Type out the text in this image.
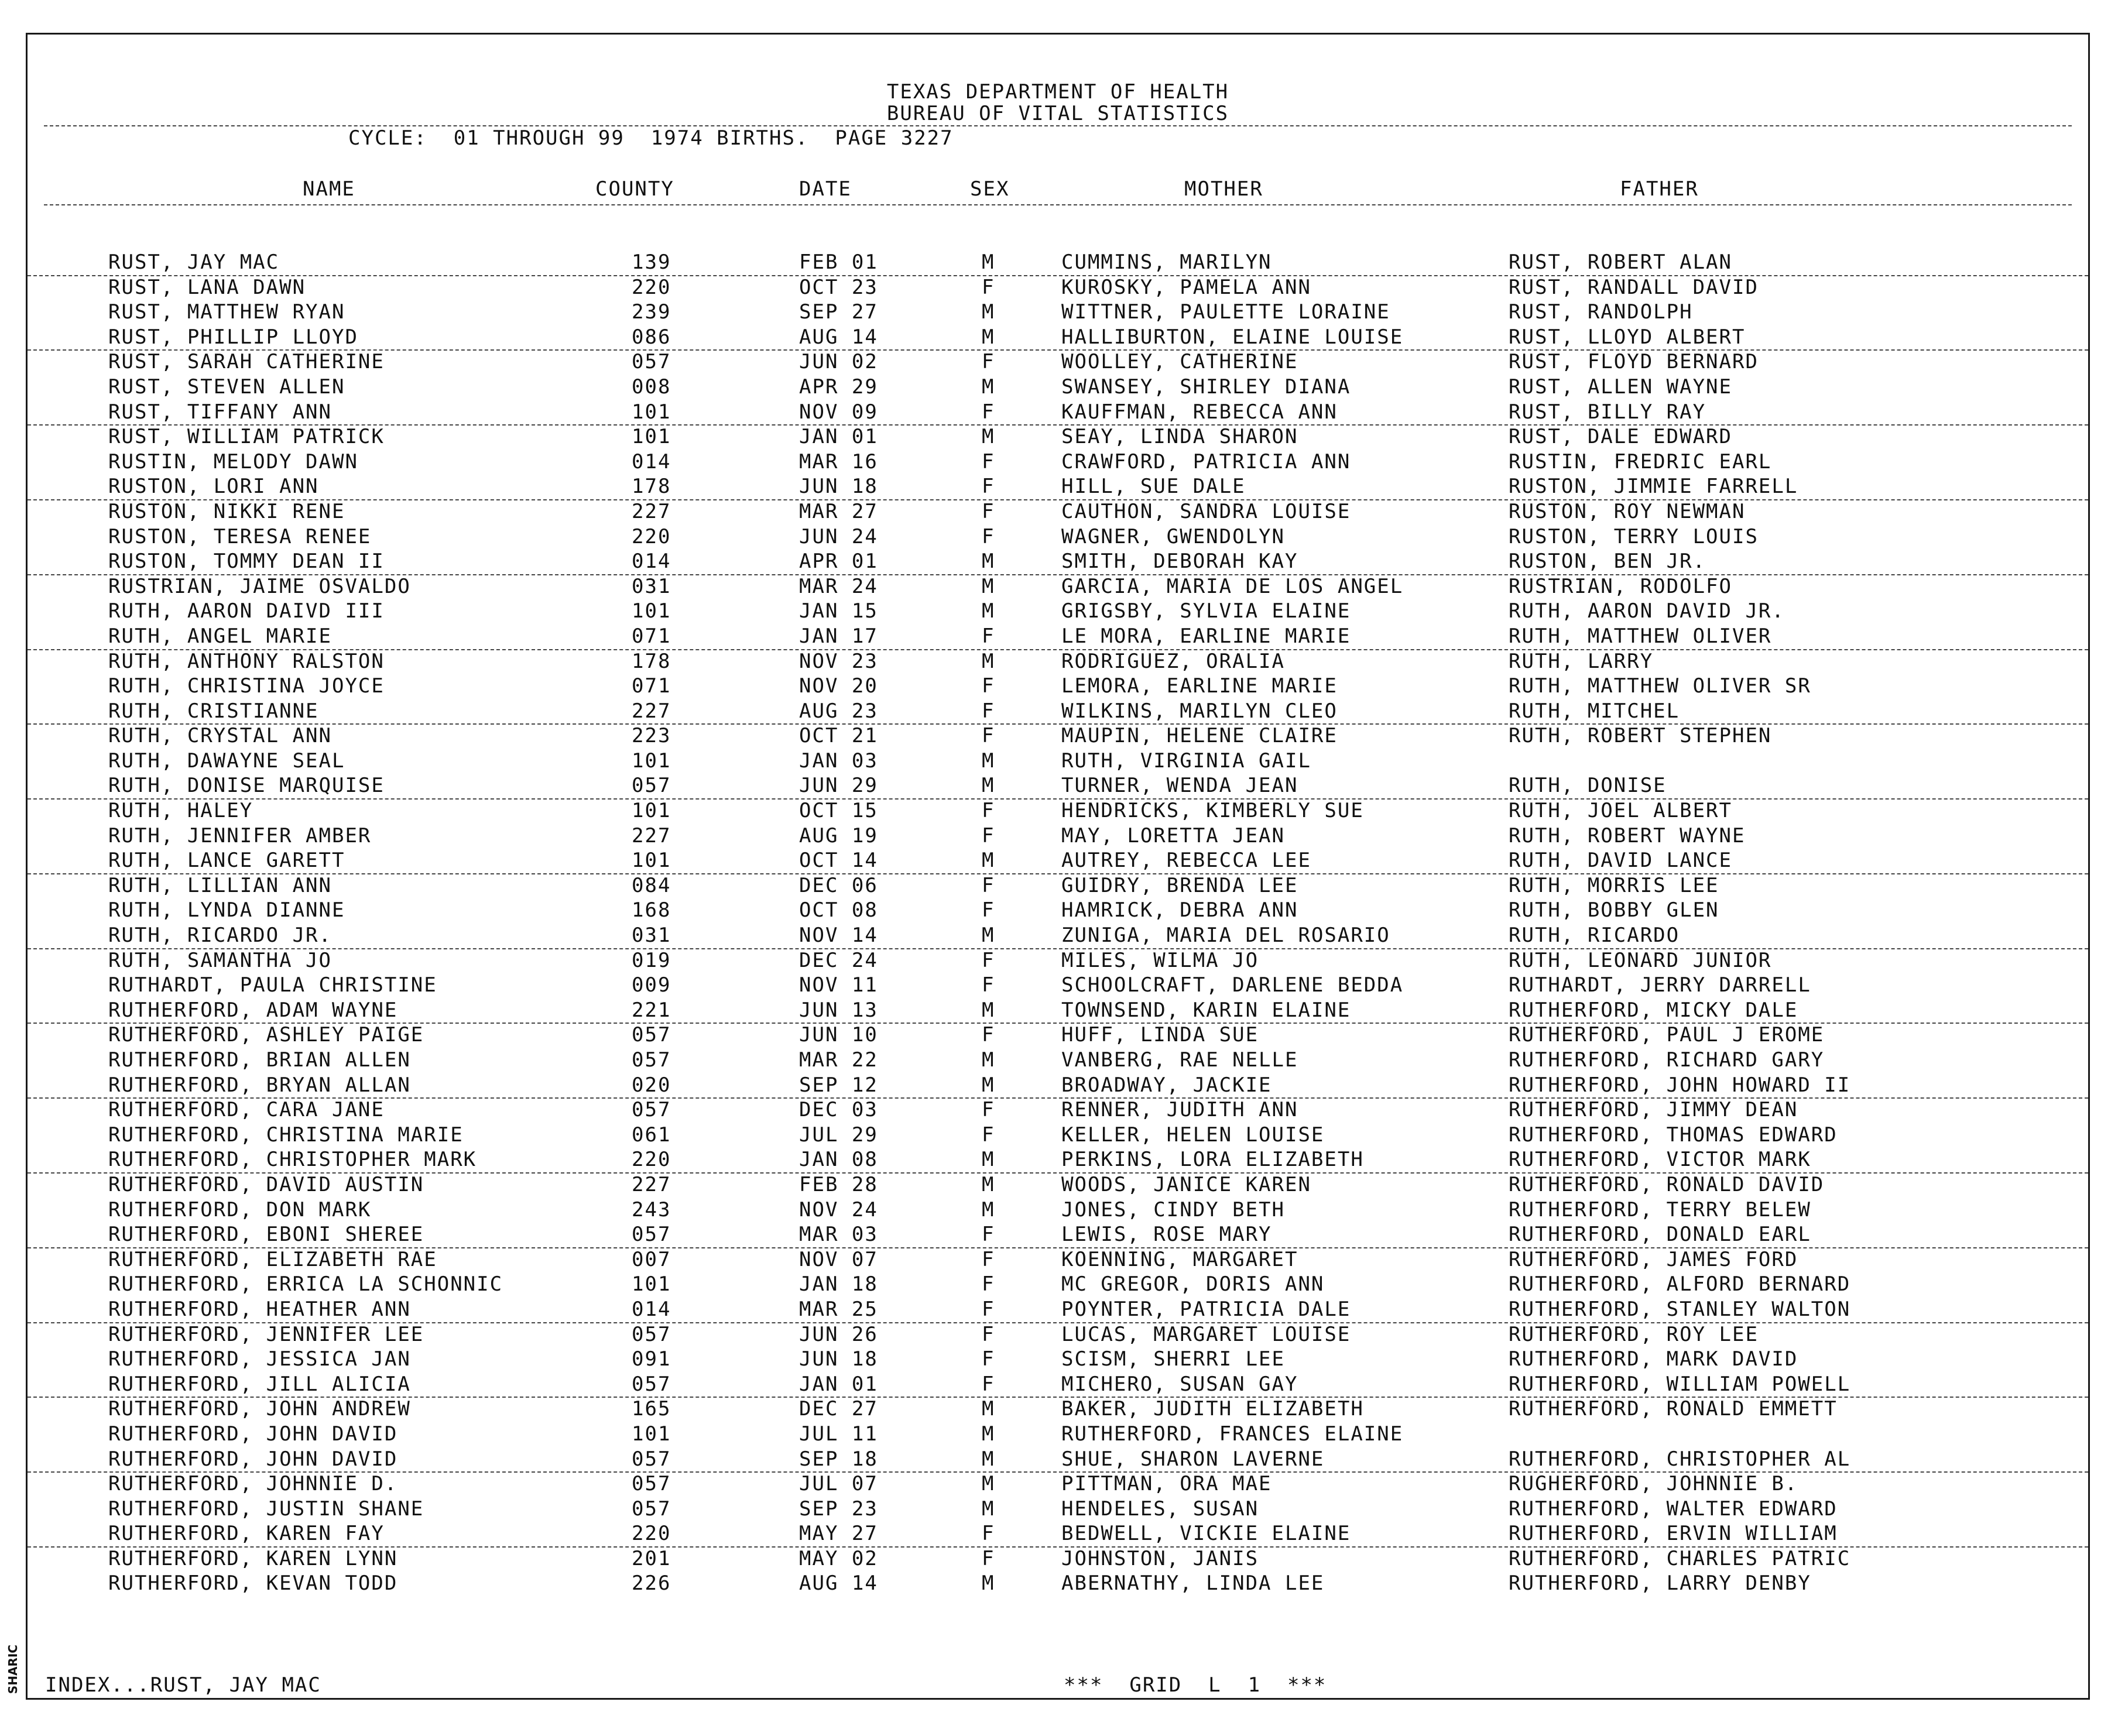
TEXAS DEPARTMENT OF HEALTH
BUREAU OF VITAL STATISTICS
CYCLE:  01 THROUGH 99  1974 BIRTHS.  PAGE 3227
NAME	COUNTY	DATE	SEX	MOTHER	FATHER
RUST, JAY MAC	139	FEB 01	M	CUMMINS, MARILYN	RUST, ROBERT ALAN
RUST, LANA DAWN	220	OCT 23	F	KUROSKY, PAMELA ANN	RUST, RANDALL DAVID
RUST, MATTHEW RYAN	239	SEP 27	M	WITTNER, PAULETTE LORAINE	RUST, RANDOLPH
RUST, PHILLIP LLOYD	086	AUG 14	M	HALLIBURTON, ELAINE LOUISE	RUST, LLOYD ALBERT
RUST, SARAH CATHERINE	057	JUN 02	F	WOOLLEY, CATHERINE	RUST, FLOYD BERNARD
RUST, STEVEN ALLEN	008	APR 29	M	SWANSEY, SHIRLEY DIANA	RUST, ALLEN WAYNE
RUST, TIFFANY ANN	101	NOV 09	F	KAUFFMAN, REBECCA ANN	RUST, BILLY RAY
RUST, WILLIAM PATRICK	101	JAN 01	M	SEAY, LINDA SHARON	RUST, DALE EDWARD
RUSTIN, MELODY DAWN	014	MAR 16	F	CRAWFORD, PATRICIA ANN	RUSTIN, FREDRIC EARL
RUSTON, LORI ANN	178	JUN 18	F	HILL, SUE DALE	RUSTON, JIMMIE FARRELL
RUSTON, NIKKI RENE	227	MAR 27	F	CAUTHON, SANDRA LOUISE	RUSTON, ROY NEWMAN
RUSTON, TERESA RENEE	220	JUN 24	F	WAGNER, GWENDOLYN	RUSTON, TERRY LOUIS
RUSTON, TOMMY DEAN II	014	APR 01	M	SMITH, DEBORAH KAY	RUSTON, BEN JR.
RUSTRIAN, JAIME OSVALDO	031	MAR 24	M	GARCIA, MARIA DE LOS ANGEL	RUSTRIAN, RODOLFO
RUTH, AARON DAIVD III	101	JAN 15	M	GRIGSBY, SYLVIA ELAINE	RUTH, AARON DAVID JR.
RUTH, ANGEL MARIE	071	JAN 17	F	LE MORA, EARLINE MARIE	RUTH, MATTHEW OLIVER
RUTH, ANTHONY RALSTON	178	NOV 23	M	RODRIGUEZ, ORALIA	RUTH, LARRY
RUTH, CHRISTINA JOYCE	071	NOV 20	F	LEMORA, EARLINE MARIE	RUTH, MATTHEW OLIVER SR
RUTH, CRISTIANNE	227	AUG 23	F	WILKINS, MARILYN CLEO	RUTH, MITCHEL
RUTH, CRYSTAL ANN	223	OCT 21	F	MAUPIN, HELENE CLAIRE	RUTH, ROBERT STEPHEN
RUTH, DAWAYNE SEAL	101	JAN 03	M	RUTH, VIRGINIA GAIL
RUTH, DONISE MARQUISE	057	JUN 29	M	TURNER, WENDA JEAN	RUTH, DONISE
RUTH, HALEY	101	OCT 15	F	HENDRICKS, KIMBERLY SUE	RUTH, JOEL ALBERT
RUTH, JENNIFER AMBER	227	AUG 19	F	MAY, LORETTA JEAN	RUTH, ROBERT WAYNE
RUTH, LANCE GARETT	101	OCT 14	M	AUTREY, REBECCA LEE	RUTH, DAVID LANCE
RUTH, LILLIAN ANN	084	DEC 06	F	GUIDRY, BRENDA LEE	RUTH, MORRIS LEE
RUTH, LYNDA DIANNE	168	OCT 08	F	HAMRICK, DEBRA ANN	RUTH, BOBBY GLEN
RUTH, RICARDO JR.	031	NOV 14	M	ZUNIGA, MARIA DEL ROSARIO	RUTH, RICARDO
RUTH, SAMANTHA JO	019	DEC 24	F	MILES, WILMA JO	RUTH, LEONARD JUNIOR
RUTHARDT, PAULA CHRISTINE	009	NOV 11	F	SCHOOLCRAFT, DARLENE BEDDA	RUTHARDT, JERRY DARRELL
RUTHERFORD, ADAM WAYNE	221	JUN 13	M	TOWNSEND, KARIN ELAINE	RUTHERFORD, MICKY DALE
RUTHERFORD, ASHLEY PAIGE	057	JUN 10	F	HUFF, LINDA SUE	RUTHERFORD, PAUL J EROME
RUTHERFORD, BRIAN ALLEN	057	MAR 22	M	VANBERG, RAE NELLE	RUTHERFORD, RICHARD GARY
RUTHERFORD, BRYAN ALLAN	020	SEP 12	M	BROADWAY, JACKIE	RUTHERFORD, JOHN HOWARD II
RUTHERFORD, CARA JANE	057	DEC 03	F	RENNER, JUDITH ANN	RUTHERFORD, JIMMY DEAN
RUTHERFORD, CHRISTINA MARIE	061	JUL 29	F	KELLER, HELEN LOUISE	RUTHERFORD, THOMAS EDWARD
RUTHERFORD, CHRISTOPHER MARK	220	JAN 08	M	PERKINS, LORA ELIZABETH	RUTHERFORD, VICTOR MARK
RUTHERFORD, DAVID AUSTIN	227	FEB 28	M	WOODS, JANICE KAREN	RUTHERFORD, RONALD DAVID
RUTHERFORD, DON MARK	243	NOV 24	M	JONES, CINDY BETH	RUTHERFORD, TERRY BELEW
RUTHERFORD, EBONI SHEREE	057	MAR 03	F	LEWIS, ROSE MARY	RUTHERFORD, DONALD EARL
RUTHERFORD, ELIZABETH RAE	007	NOV 07	F	KOENNING, MARGARET	RUTHERFORD, JAMES FORD
RUTHERFORD, ERRICA LA SCHONNIC	101	JAN 18	F	MC GREGOR, DORIS ANN	RUTHERFORD, ALFORD BERNARD
RUTHERFORD, HEATHER ANN	014	MAR 25	F	POYNTER, PATRICIA DALE	RUTHERFORD, STANLEY WALTON
RUTHERFORD, JENNIFER LEE	057	JUN 26	F	LUCAS, MARGARET LOUISE	RUTHERFORD, ROY LEE
RUTHERFORD, JESSICA JAN	091	JUN 18	F	SCISM, SHERRI LEE	RUTHERFORD, MARK DAVID
RUTHERFORD, JILL ALICIA	057	JAN 01	F	MICHERO, SUSAN GAY	RUTHERFORD, WILLIAM POWELL
RUTHERFORD, JOHN ANDREW	165	DEC 27	M	BAKER, JUDITH ELIZABETH	RUTHERFORD, RONALD EMMETT
RUTHERFORD, JOHN DAVID	101	JUL 11	M	RUTHERFORD, FRANCES ELAINE
RUTHERFORD, JOHN DAVID	057	SEP 18	M	SHUE, SHARON LAVERNE	RUTHERFORD, CHRISTOPHER AL
RUTHERFORD, JOHNNIE D.	057	JUL 07	M	PITTMAN, ORA MAE	RUGHERFORD, JOHNNIE B.
RUTHERFORD, JUSTIN SHANE	057	SEP 23	M	HENDELES, SUSAN	RUTHERFORD, WALTER EDWARD
RUTHERFORD, KAREN FAY	220	MAY 27	F	BEDWELL, VICKIE ELAINE	RUTHERFORD, ERVIN WILLIAM
RUTHERFORD, KAREN LYNN	201	MAY 02	F	JOHNSTON, JANIS	RUTHERFORD, CHARLES PATRIC
RUTHERFORD, KEVAN TODD	226	AUG 14	M	ABERNATHY, LINDA LEE	RUTHERFORD, LARRY DENBY
INDEX...RUST, JAY MAC	***  GRID  L  1  ***
SHARIC
